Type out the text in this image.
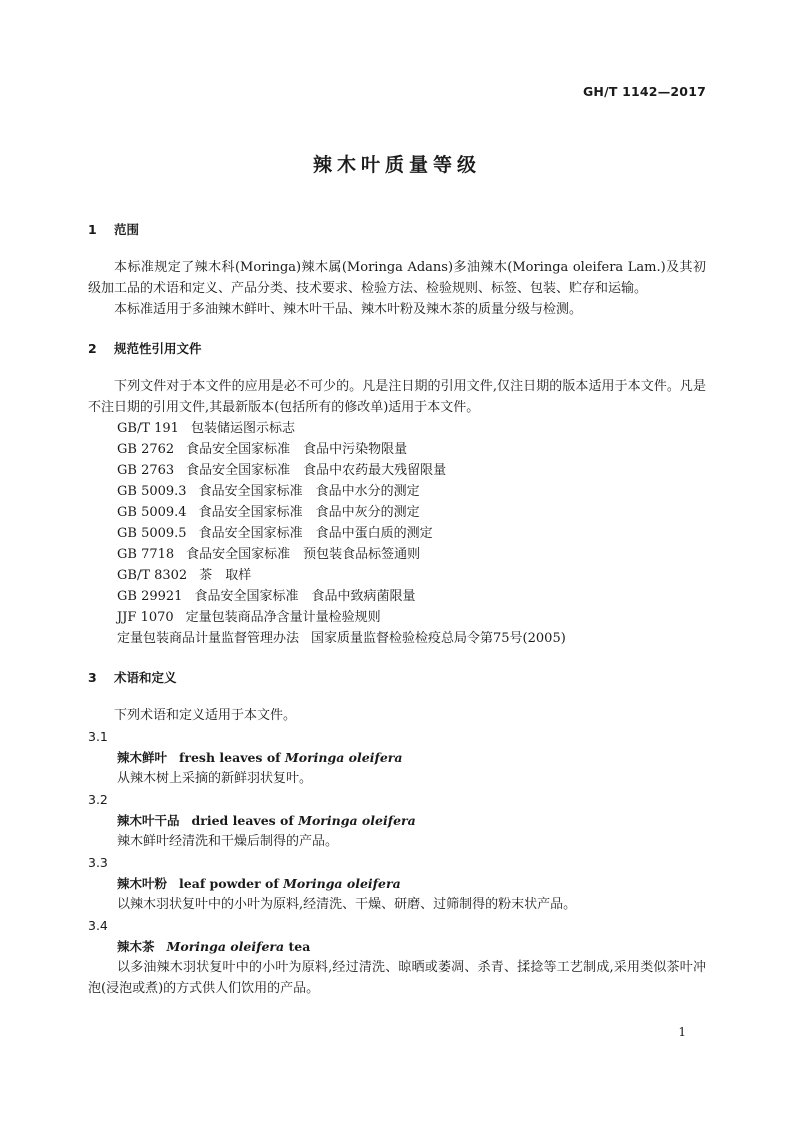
GH/T 1142—2017
辣木叶质量等级
1 范围

本标准规定了辣木科(Moringa)辣木属(Moringa Adans)多油辣木(Moringa oleifera Lam.)及其初级加工品的术语和定义、产品分类、技术要求、检验方法、检验规则、标签、包装、贮存和运输。

本标准适用于多油辣木鲜叶、辣木叶干品、辣木叶粉及辣木茶的质量分级与检测。

2 规范性引用文件

下列文件对于本文件的应用是必不可少的。凡是注日期的引用文件,仅注日期的版本适用于本文件。凡是不注日期的引用文件,其最新版本(包括所有的修改单)适用于本文件。

GB/T 191 包装储运图示标志

GB 2762 食品安全国家标准　食品中污染物限量

GB 2763 食品安全国家标准　食品中农药最大残留限量

GB 5009.3 食品安全国家标准　食品中水分的测定

GB 5009.4 食品安全国家标准　食品中灰分的测定

GB 5009.5 食品安全国家标准　食品中蛋白质的测定

GB 7718 食品安全国家标准　预包装食品标签通则

GB/T 8302 茶　取样

GB 29921 食品安全国家标准　食品中致病菌限量

JJF 1070 定量包装商品净含量计量检验规则

定量包装商品计量监督管理办法 国家质量监督检验检疫总局令第75号(2005)

3 术语和定义

下列术语和定义适用于本文件。

3.1

辣木鲜叶 fresh leaves of Moringa oleifera

从辣木树上采摘的新鲜羽状复叶。

3.2

辣木叶干品 dried leaves of Moringa oleifera

辣木鲜叶经清洗和干燥后制得的产品。

3.3

辣木叶粉 leaf powder of Moringa oleifera

以辣木羽状复叶中的小叶为原料,经清洗、干燥、研磨、过筛制得的粉末状产品。

3.4

辣木茶 Moringa oleifera tea

以多油辣木羽状复叶中的小叶为原料,经过清洗、晾晒或萎凋、杀青、揉捻等工艺制成,采用类似茶叶冲泡(浸泡或煮)的方式供人们饮用的产品。

1
